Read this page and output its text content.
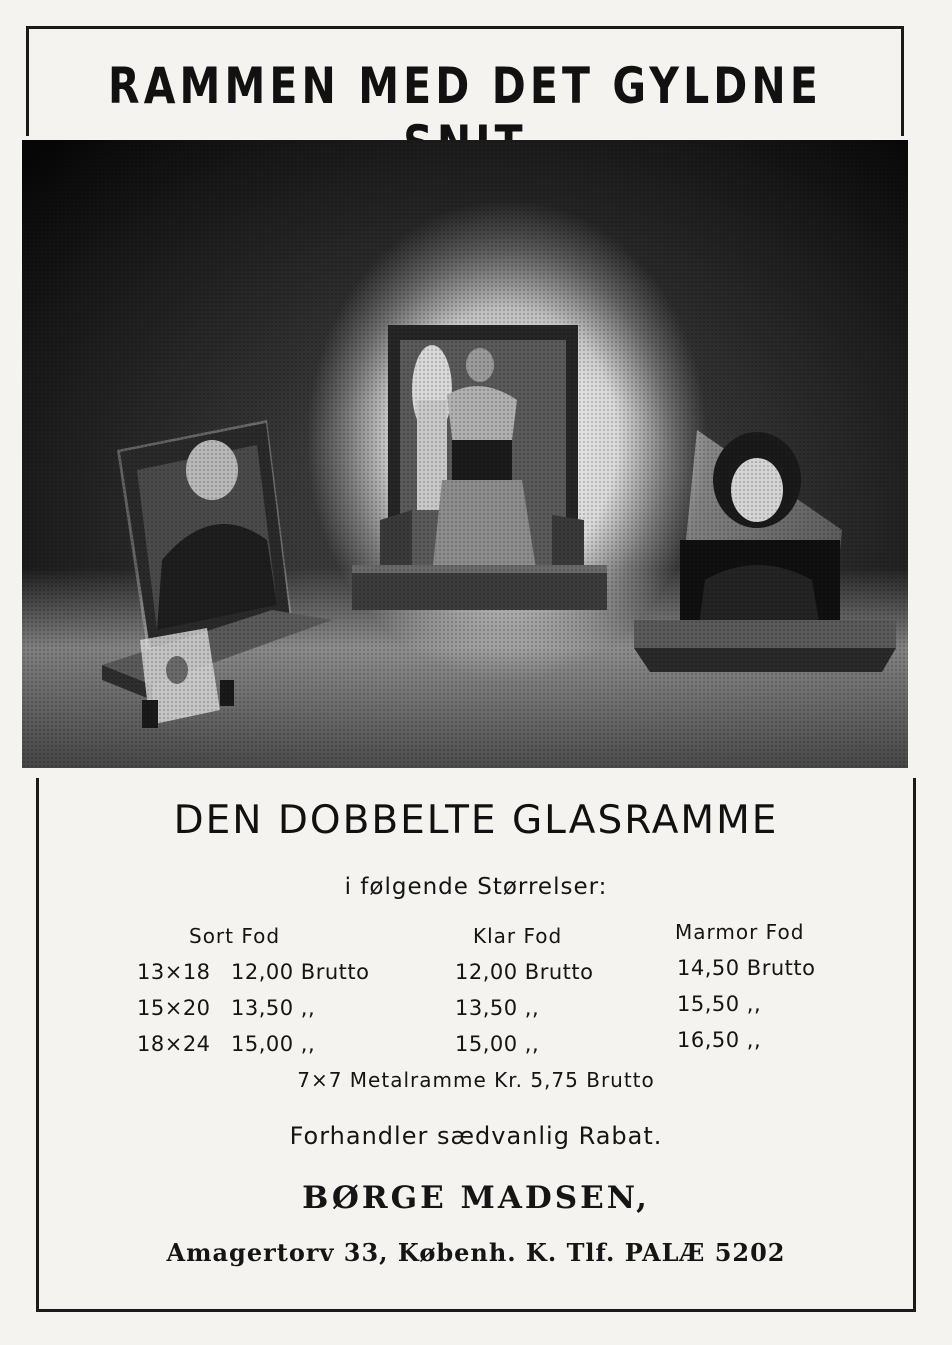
RAMMEN MED DET GYLDNE
DEN DOBBELTE GLASRAMME
i følgende Størrelser:
Sort Fod	Klar Fod	Marmor Fod
13×18 12,00 Brutto	12,00 Brutto	14,50 Brutto
15×20 13,50 ,,	13,50 ,,	15,50 ,,
18×24 15,00 ,,	15,00 ,,	16,50 ,,
7×7 Metalramme Kr. 5,75 Brutto
Forhandler sædvanlig Rabat.
BØRGE MADSEN,
Amagertorv 33, Københ. K. Tlf. PALÆ 5202
